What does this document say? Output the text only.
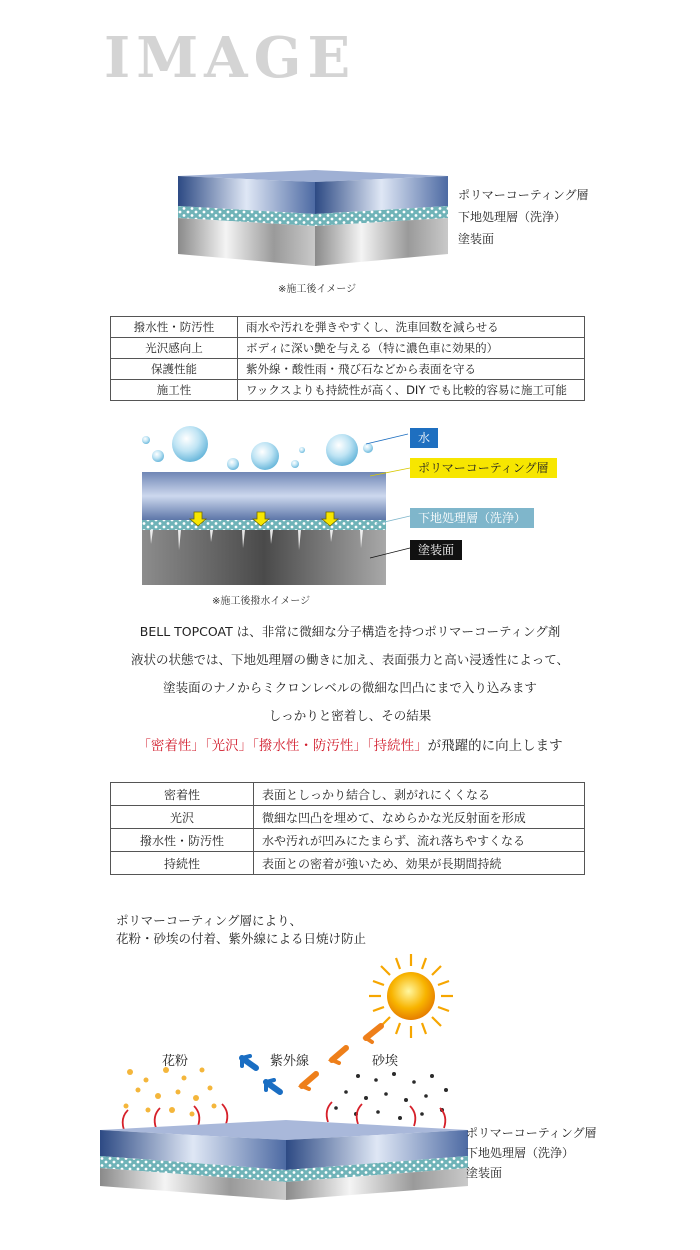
IMAGE
ポリマーコーティング層
下地処理層（洗浄）
塗装面
※施工後イメージ
撥水性・防汚性	雨水や汚れを弾きやすくし、洗車回数を減らせる
光沢感向上	ボディに深い艶を与える（特に濃色車に効果的）
保護性能	紫外線・酸性雨・飛び石などから表面を守る
施工性	ワックスよりも持続性が高く、DIY でも比較的容易に施工可能
水
ポリマーコーティング層
下地処理層（洗浄）
塗装面
※施工後撥水イメージ
BELL TOPCOAT は、非常に微細な分子構造を持つポリマーコーティング剤
液状の状態では、下地処理層の働きに加え、表面張力と高い浸透性によって、
塗装面のナノからミクロンレベルの微細な凹凸にまで入り込みます
しっかりと密着し、その結果
「密着性」「光沢」「撥水性・防汚性」「持続性」が飛躍的に向上します
密着性	表面としっかり結合し、剥がれにくくなる
光沢	微細な凹凸を埋めて、なめらかな光反射面を形成
撥水性・防汚性	水や汚れが凹みにたまらず、流れ落ちやすくなる
持続性	表面との密着が強いため、効果が長期間持続
ポリマーコーティング層により、
花粉・砂埃の付着、紫外線による日焼け防止
花粉	紫外線	砂埃
ポリマーコーティング層
下地処理層（洗浄）
塗装面
